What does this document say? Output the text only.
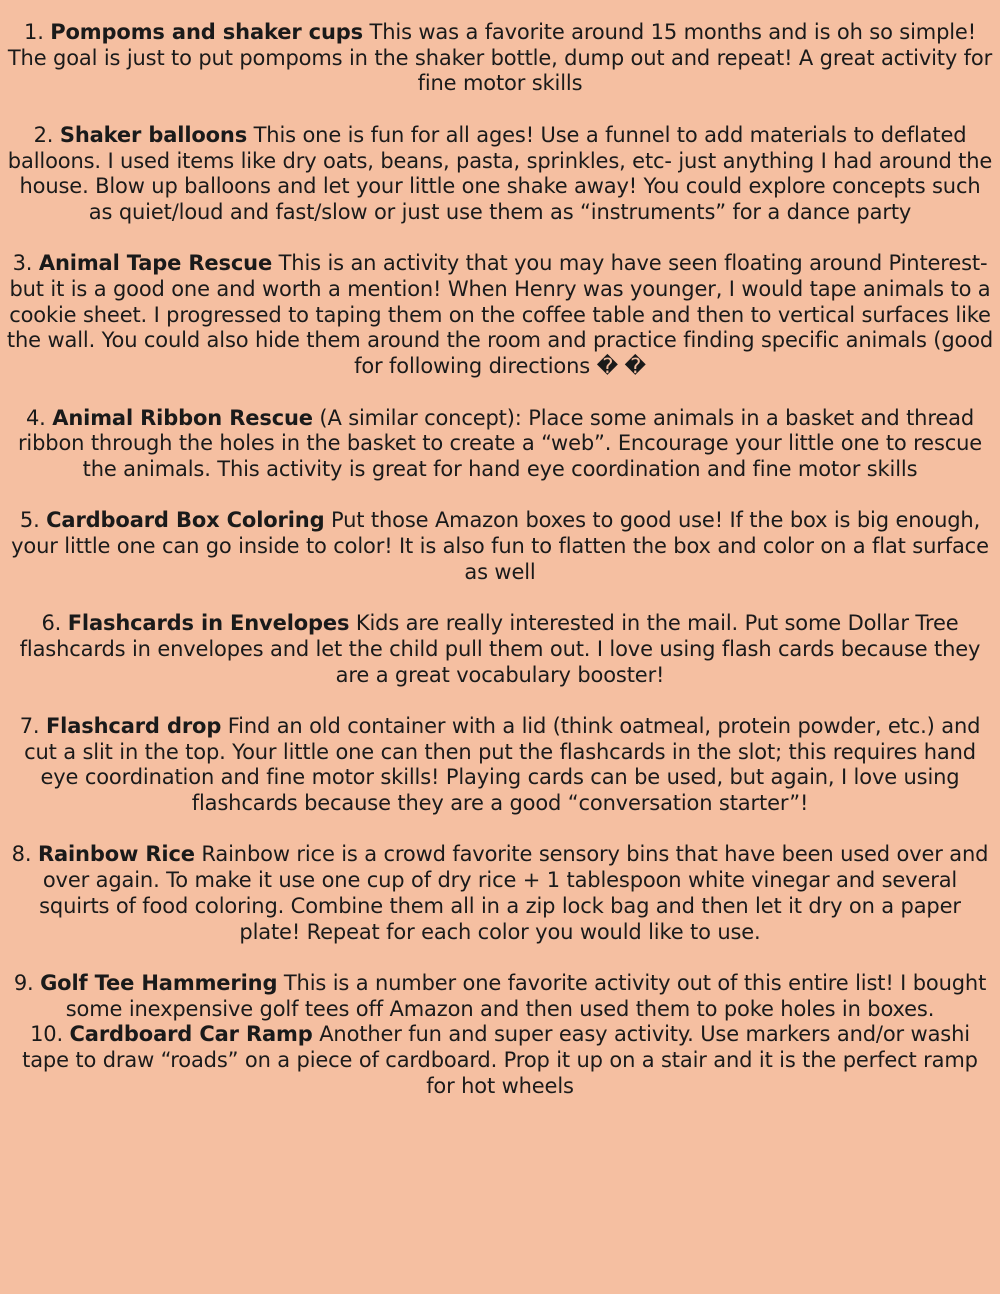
1. Pompoms and shaker cups This was a favorite around 15 months and is oh so simple! The goal is just to put pompoms in the shaker bottle, dump out and repeat! A great activity for fine motor skills

2. Shaker balloons This one is fun for all ages! Use a funnel to add materials to deflated balloons. I used items like dry oats, beans, pasta, sprinkles, etc- just anything I had around the house. Blow up balloons and let your little one shake away! You could explore concepts such as quiet/loud and fast/slow or just use them as “instruments” for a dance party

3. Animal Tape Rescue This is an activity that you may have seen floating around Pinterest-but it is a good one and worth a mention! When Henry was younger, I would tape animals to a cookie sheet. I progressed to taping them on the coffee table and then to vertical surfaces like the wall. You could also hide them around the room and practice finding specific animals (good for following directions � �

4. Animal Ribbon Rescue (A similar concept): Place some animals in a basket and thread ribbon through the holes in the basket to create a “web”. Encourage your little one to rescue the animals. This activity is great for hand eye coordination and fine motor skills

5. Cardboard Box Coloring Put those Amazon boxes to good use! If the box is big enough, your little one can go inside to color! It is also fun to flatten the box and color on a flat surface as well

6. Flashcards in Envelopes Kids are really interested in the mail. Put some Dollar Tree flashcards in envelopes and let the child pull them out. I love using flash cards because they are a great vocabulary booster!

7. Flashcard drop Find an old container with a lid (think oatmeal, protein powder, etc.) and cut a slit in the top. Your little one can then put the flashcards in the slot; this requires hand eye coordination and fine motor skills! Playing cards can be used, but again, I love using flashcards because they are a good “conversation starter”!

8. Rainbow Rice Rainbow rice is a crowd favorite sensory bins that have been used over and over again. To make it use one cup of dry rice + 1 tablespoon white vinegar and several squirts of food coloring. Combine them all in a zip lock bag and then let it dry on a paper plate! Repeat for each color you would like to use.

9. Golf Tee Hammering This is a number one favorite activity out of this entire list! I bought some inexpensive golf tees off Amazon and then used them to poke holes in boxes.

10. Cardboard Car Ramp Another fun and super easy activity. Use markers and/or washi tape to draw “roads” on a piece of cardboard. Prop it up on a stair and it is the perfect ramp for hot wheels
